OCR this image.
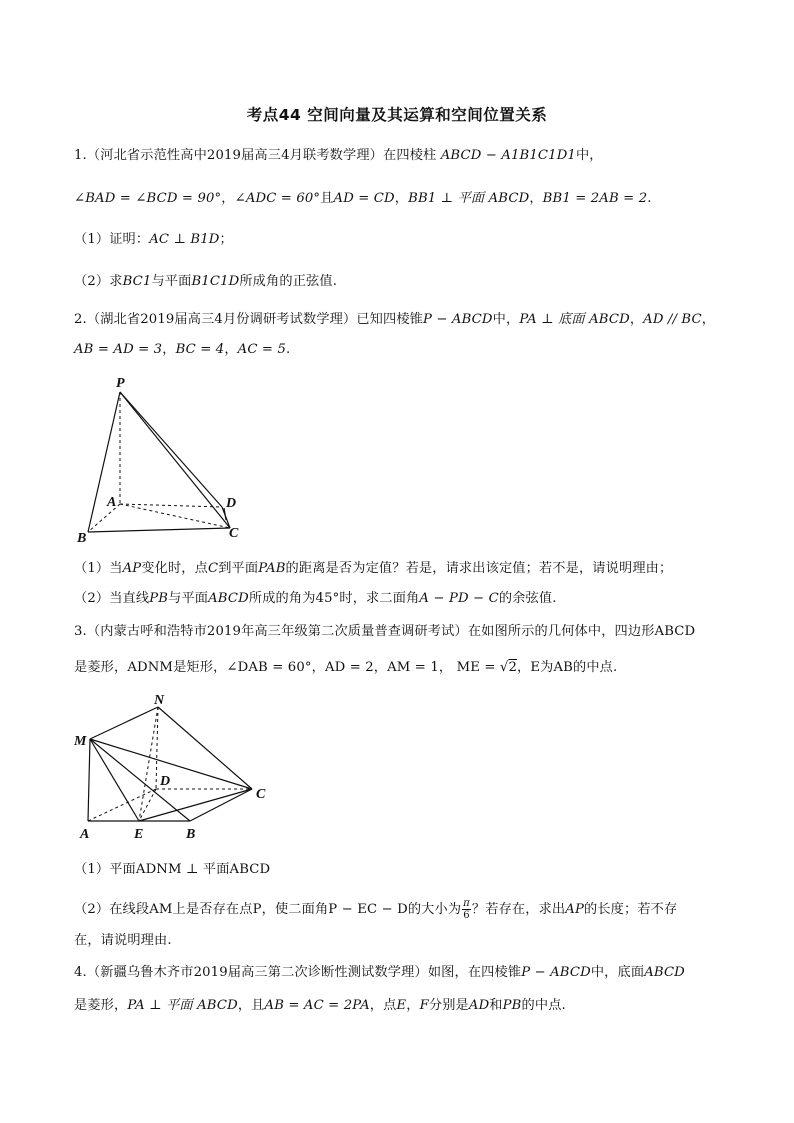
考点44 空间向量及其运算和空间位置关系
1.（河北省示范性高中2019届高三4月联考数学理）在四棱柱 ABCD − A1B1C1D1中，
∠BAD = ∠BCD = 90°，∠ADC = 60°且AD = CD，BB1 ⊥ 平面 ABCD，BB1 = 2AB = 2.
（1）证明：AC ⊥ B1D；
（2）求BC1与平面B1C1D所成角的正弦值.
2.（湖北省2019届高三4月份调研考试数学理）已知四棱锥P − ABCD中，PA ⊥ 底面 ABCD，AD // BC，
AB = AD = 3，BC = 4，AC = 5.
P
A
B	C
D
（1）当AP变化时，点C到平面PAB的距离是否为定值？若是，请求出该定值；若不是，请说明理由；
（2）当直线PB与平面ABCD所成的角为45°时，求二面角A − PD − C的余弦值.
3.（内蒙古呼和浩特市2019年高三年级第二次质量普查调研考试）在如图所示的几何体中，四边形ABCD
是菱形，ADNM是矩形，∠DAB = 60°，AD = 2，AM = 1， ME = √2，E为AB的中点.
N
M
D
C
A	E	B
（1）平面ADNM ⊥ 平面ABCD
（2）在线段AM上是否存在点P，使二面角P − EC − D的大小为 $\frac{\pi}{6}$ ？若存在，求出AP的长度；若不存
在，请说明理由.
4.（新疆乌鲁木齐市2019届高三第二次诊断性测试数学理）如图，在四棱锥P − ABCD中，底面ABCD
是菱形，PA ⊥ 平面 ABCD，且AB = AC = 2PA，点E，F分别是AD和PB的中点.
